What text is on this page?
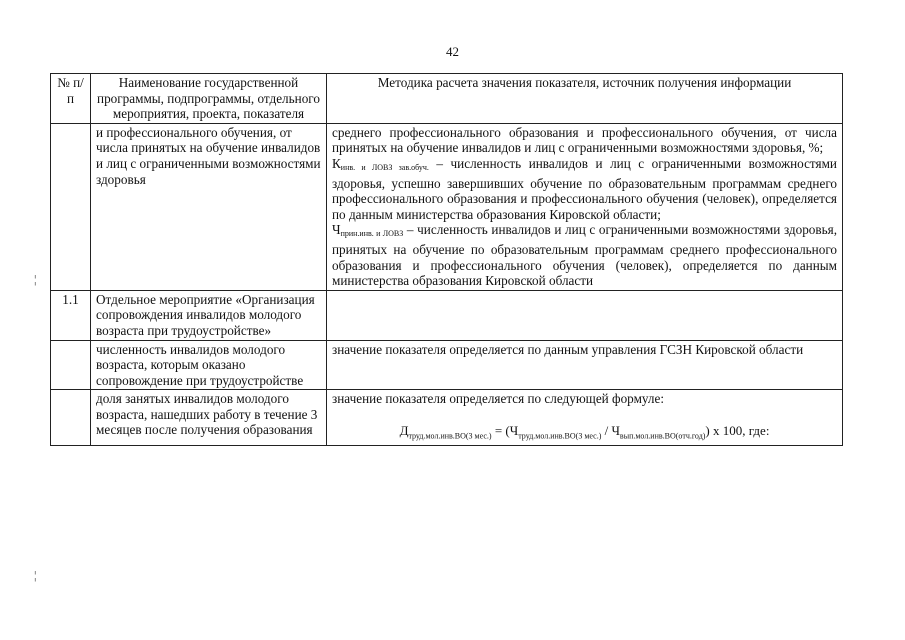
42
¦
¦
№ п/п	Наименование государственной программы, подпрограммы, отдельного мероприятия, проекта, показателя	Методика расчета значения показателя, источник получения информации
	и профессионального обучения, от числа принятых на обучение инвалидов и лиц с ограниченными возможностями здоровья	среднего профессионального образования и профессионального обучения, от числа принятых на обучение инвалидов и лиц с ограниченными возможностями здоровья, %;
$К_{инв. и ЛОВЗ зав.обуч.}$ – численность инвалидов и лиц с ограниченными возможностями здоровья, успешно завершивших обучение по образовательным программам среднего профессионального образования и профессионального обучения (человек), определяется по данным министерства образования Кировской области;
$Ч_{прин.инв. и ЛОВЗ}$ – численность инвалидов и лиц с ограниченными возможностями здоровья, принятых на обучение по образовательным программам среднего профессионального образования и профессионального обучения (человек), определяется по данным министерства образования Кировской области

1.1	Отдельное мероприятие «Организация сопровождения инвалидов молодого возраста при трудоустройстве»	
	численность инвалидов молодого возраста, которым оказано сопровождение при трудоустройстве	значение показателя определяется по данным управления ГСЗН Кировской области
	доля занятых инвалидов молодого возраста, нашедших работу в течение 3 месяцев после получения образования	значение показателя определяется по следующей формуле:
$Д_{труд.мол.инв.ВО(3 мес.)} = (Ч_{труд.мол.инв.ВО(3 мес.)} / Ч_{вып.мол.инв.ВО(отч.год)})$ x 100, где:
